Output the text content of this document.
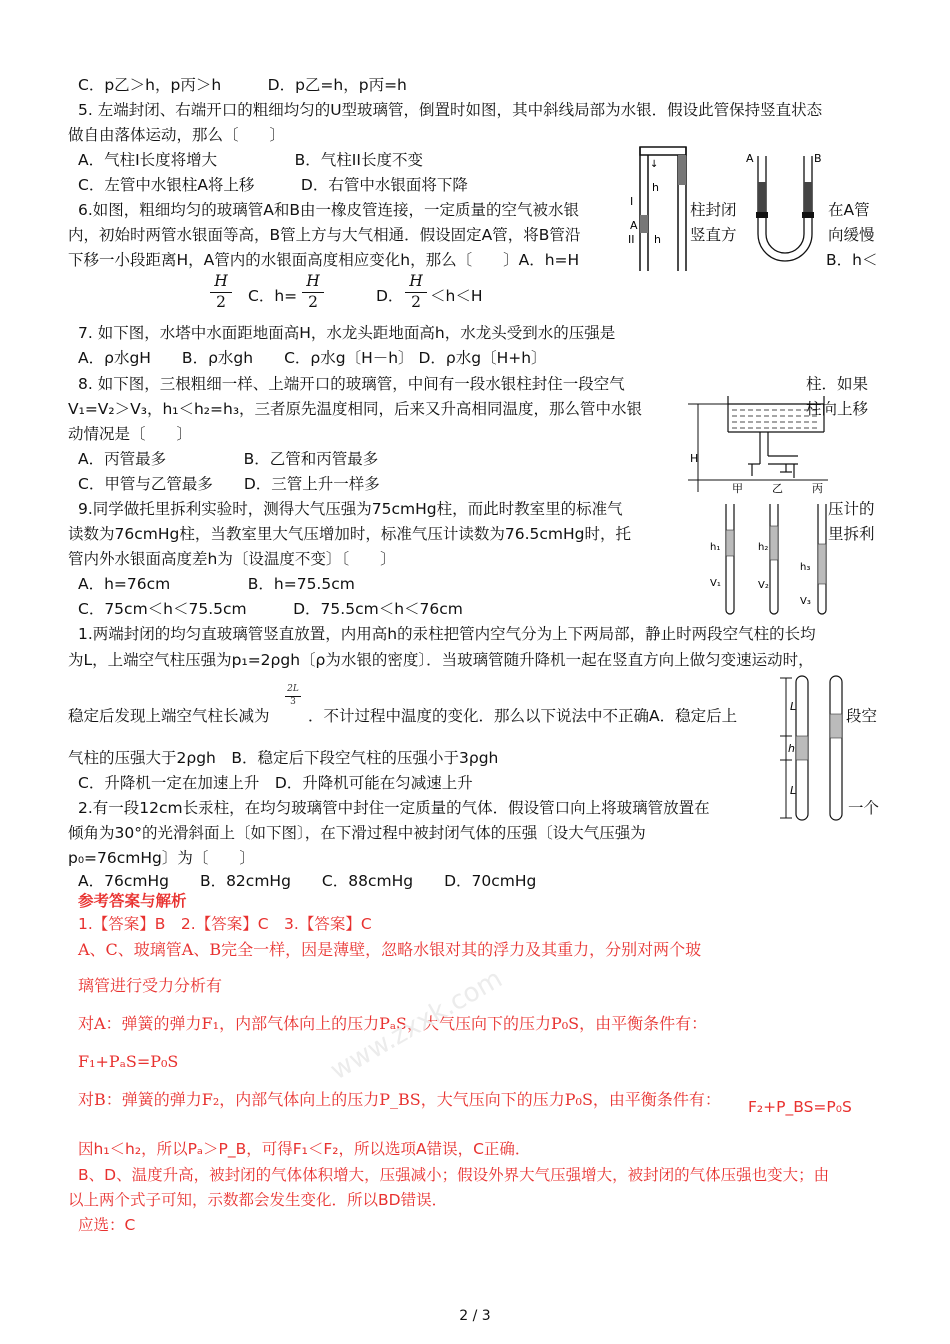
C．p乙＞h，p丙＞h　　　D．p乙=h，p丙=h
5. 左端封闭、右端开口的粗细均匀的U型玻璃管，倒置时如图，其中斜线局部为水银．假设此管保持竖直状态
做自由落体运动，那么〔　　〕
A．气柱I长度将增大　　　　　B．气柱II长度不变
C．左管中水银柱A将上移　　　D．右管中水银面将下降
6.如图，粗细均匀的玻璃管A和B由一橡皮管连接，一定质量的空气被水银	柱封闭	在A管
内，初始时两管水银面等高，B管上方与大气相通．假设固定A管，将B管沿	竖直方	向缓慢
下移一小段距离H，A管内的水银面高度相应变化h，那么〔　　〕A．h=H	B．h＜
$\frac{H}{2}$ C．$h= \frac{H}{2}$	D． $\frac{H}{2} <h<H$
7. 如下图，水塔中水面距地面高H，水龙头距地面高h，水龙头受到水的压强是
A．ρ水gH　　B．ρ水gh　　C．ρ水g〔H－h〕 D．ρ水g〔H+h〕
8. 如下图，三根粗细一样、上端开口的玻璃管，中间有一段水银柱封住一段空气	柱．如果
V₁=V₂＞V₃，h₁＜h₂=h₃，三者原先温度相同，后来又升高相同温度，那么管中水银	柱向上移
动情况是〔　　〕
A．丙管最多　　　　　B．乙管和丙管最多
C．甲管与乙管最多　　D．三管上升一样多
9.同学做托里拆利实验时，测得大气压强为75cmHg柱，而此时教室里的标准气	压计的
读数为76cmHg柱，当教室里大气压增加时，标准气压计读数为76.5cmHg时，托	里拆利
管内外水银面高度差h为〔设温度不变〕〔　　〕
A．h=76cm　　　　　B．h=75.5cm
C．75cm＜h＜75.5cm　　　D．75.5cm＜h＜76cm
1.两端封闭的均匀直玻璃管竖直放置，内用高h的汞柱把管内空气分为上下两局部，静止时两段空气柱的长均
为L，上端空气柱压强为p₁=2ρgh〔ρ为水银的密度〕．当玻璃管随升降机一起在竖直方向上做匀变速运动时，
稳定后发现上端空气柱长减为
$\frac{2L}{3}$
．不计过程中温度的变化．那么以下说法中不正确A．稳定后上	段空
气柱的压强大于2ρgh　B．稳定后下段空气柱的压强小于3ρgh
C．升降机一定在加速上升　D．升降机可能在匀减速上升
2.有一段12cm长汞柱，在均匀玻璃管中封住一定质量的气体．假设管口向上将玻璃管放置在	一个
倾角为30°的光滑斜面上〔如下图〕，在下滑过程中被封闭气体的压强〔设大气压强为
p₀=76cmHg〕为〔　　〕
A．76cmHg　　B．82cmHg　　C．88cmHg　　D．70cmHg
参考答案与解析
1.【答案】B　2.【答案】C　3.【答案】C
A、C、玻璃管A、B完全一样，因是薄壁，忽略水银对其的浮力及其重力，分别对两个玻
璃管进行受力分析有
对A：弹簧的弹力F₁，内部气体向上的压力PₐS，大气压向下的压力P₀S，由平衡条件有：
F₁+PₐS=P₀S
对B：弹簧的弹力F₂，内部气体向上的压力P_BS，大气压向下的压力P₀S，由平衡条件有： F₂+P_BS=P₀S
因h₁＜h₂，所以Pₐ＞P_B，可得F₁＜F₂，所以选项A错误，C正确．
B、D、温度升高，被封闭的气体体积增大，压强减小；假设外界大气压强增大，被封闭的气体压强也变大；由
以上两个式子可知，示数都会发生变化．所以BD错误．
应选：C
www.zxxk.com
↓
h
I
A
II h
A	B
H
甲	乙	丙
h₁	h₂
h₃
V₁	V₂
V₃
L
h
L
2 / 3
